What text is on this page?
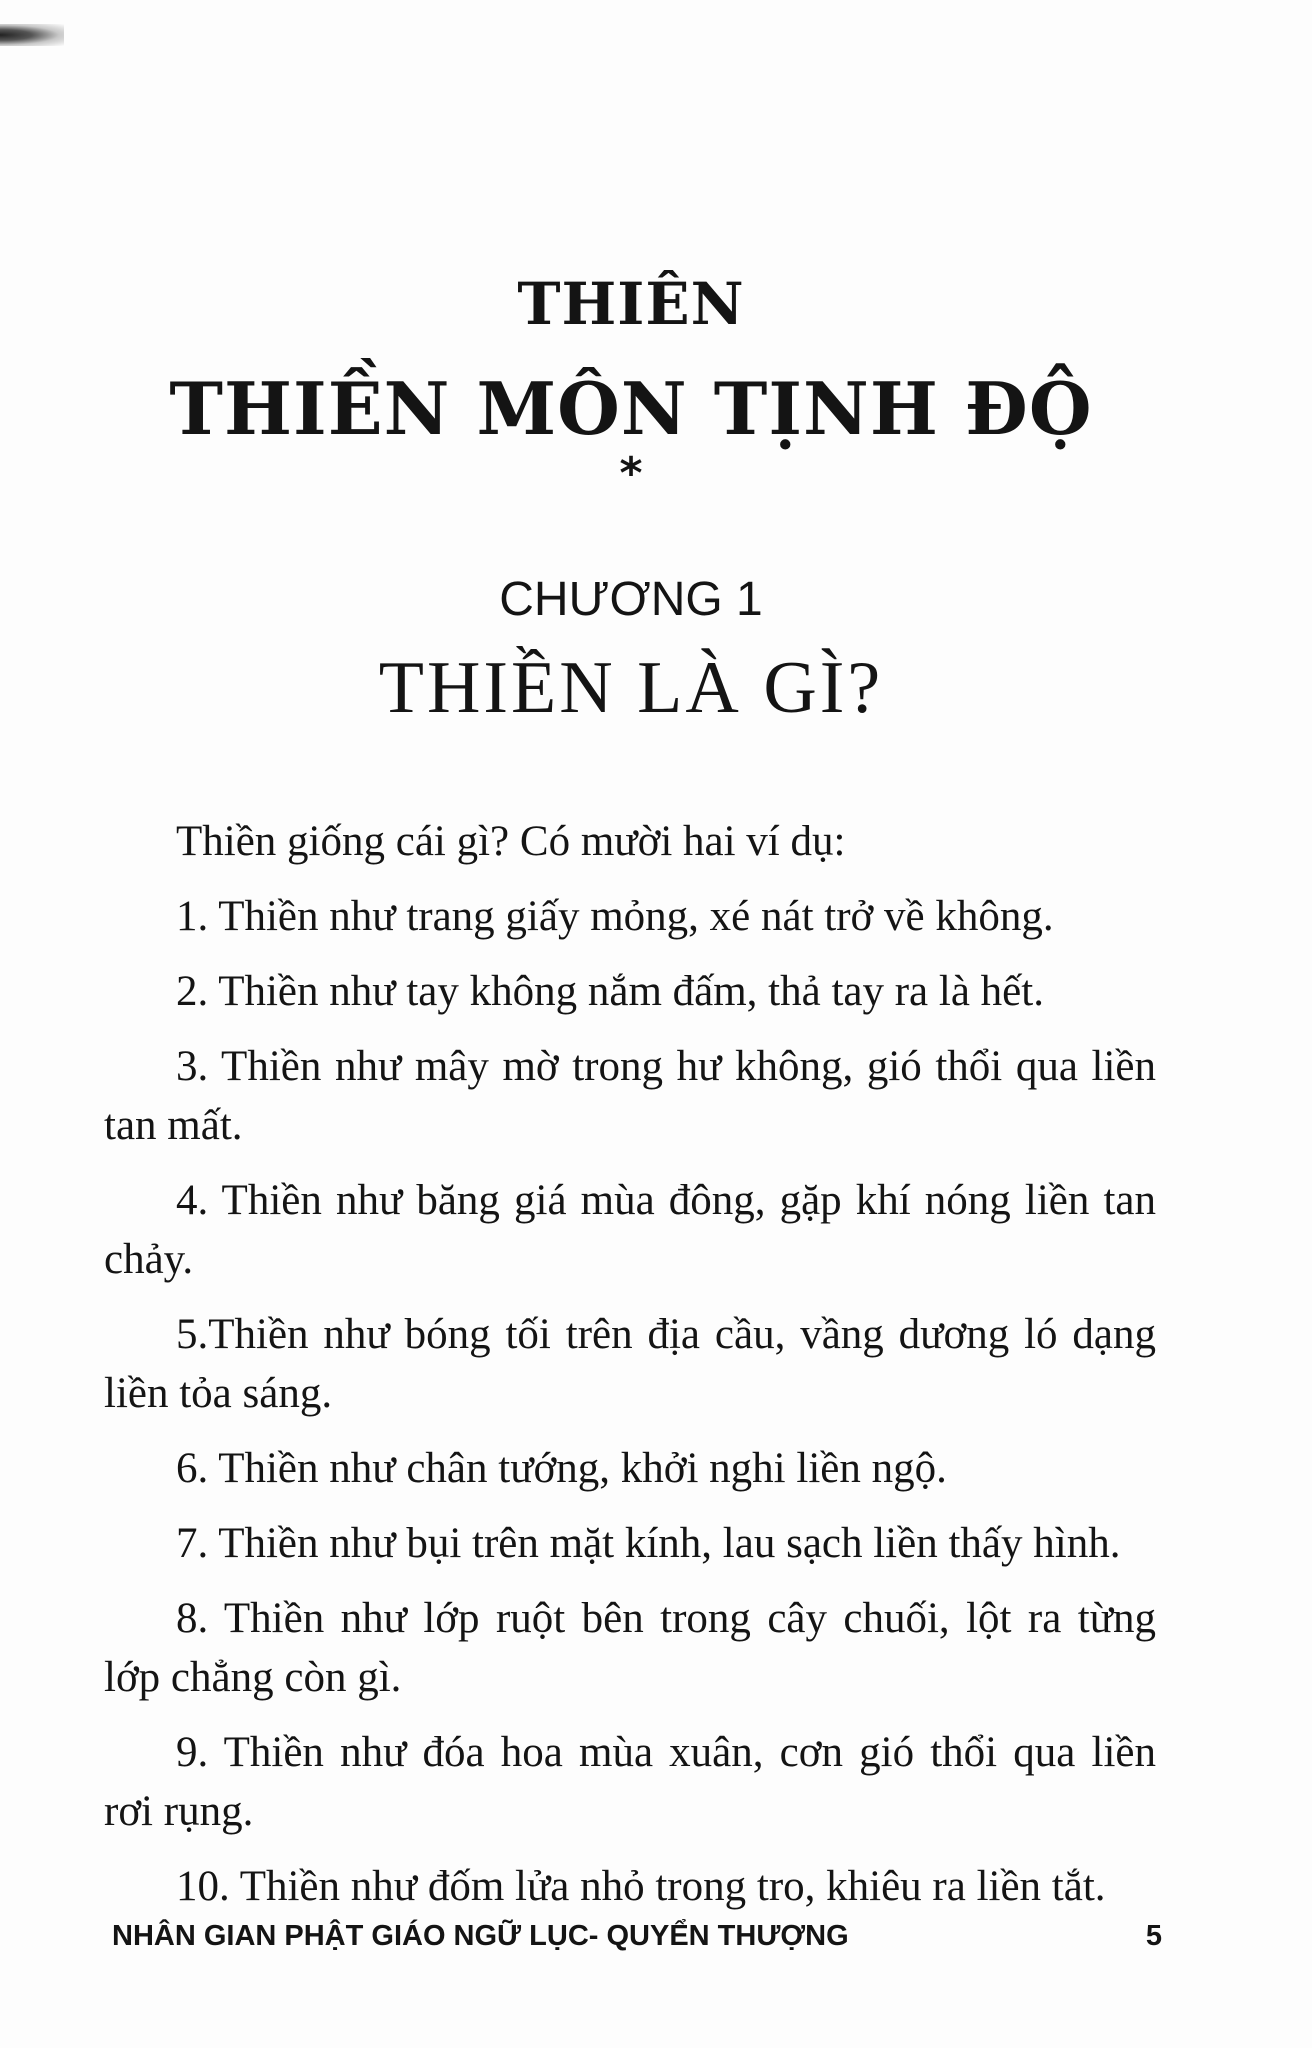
THIÊN
THIỀN MÔN TỊNH ĐỘ
*
CHƯƠNG 1
THIỀN LÀ GÌ?

Thiền giống cái gì? Có mười hai ví dụ:

1. Thiền như trang giấy mỏng, xé nát trở về không.

2. Thiền như tay không nắm đấm, thả tay ra là hết.

3. Thiền như mây mờ trong hư không, gió thổi qua liền tan mất.

4. Thiền như băng giá mùa đông, gặp khí nóng liền tan chảy.

5.Thiền như bóng tối trên địa cầu, vầng dương ló dạng liền tỏa sáng.

6. Thiền như chân tướng, khởi nghi liền ngộ.

7. Thiền như bụi trên mặt kính, lau sạch liền thấy hình.

8. Thiền như lớp ruột bên trong cây chuối, lột ra từng lớp chẳng còn gì.

9. Thiền như đóa hoa mùa xuân, cơn gió thổi qua liền rơi rụng.

10. Thiền như đốm lửa nhỏ trong tro, khiêu ra liền tắt.

NHÂN GIAN PHẬT GIÁO NGỮ LỤC- QUYỂN THƯỢNG	5
